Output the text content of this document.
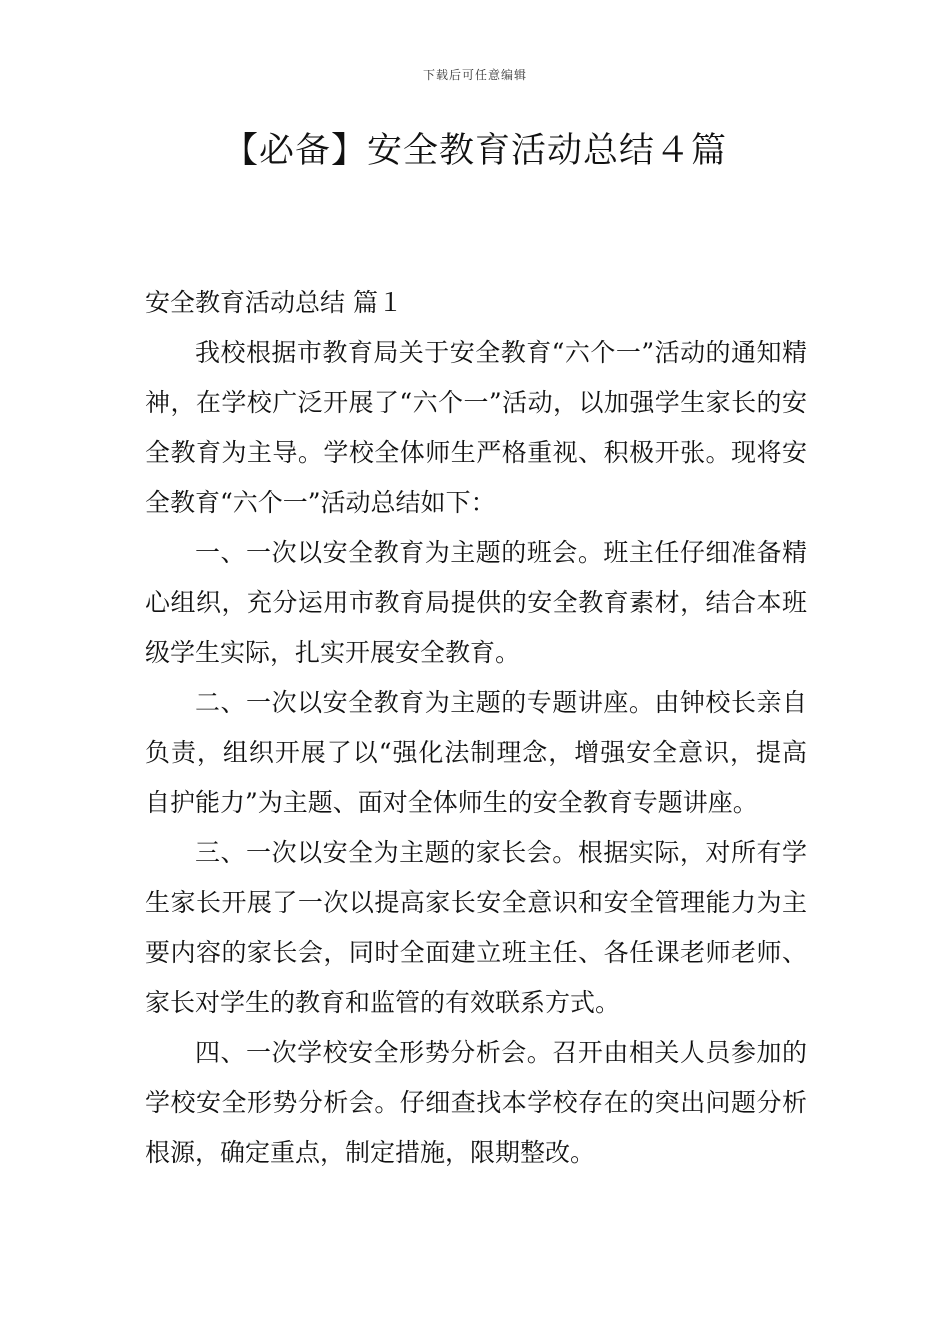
下载后可任意编辑
【必备】安全教育活动总结４篇
安全教育活动总结 篇１

我校根据市教育局关于安全教育“六个一”活动的通知精神，在学校广泛开展了“六个一”活动，以加强学生家长的安全教育为主导。学校全体师生严格重视、积极开张。现将安全教育“六个一”活动总结如下：

一、一次以安全教育为主题的班会。班主任仔细准备精心组织，充分运用市教育局提供的安全教育素材，结合本班级学生实际，扎实开展安全教育。

二、一次以安全教育为主题的专题讲座。由钟校长亲自负责，组织开展了以“强化法制理念，增强安全意识，提高自护能力”为主题、面对全体师生的安全教育专题讲座。

三、一次以安全为主题的家长会。根据实际，对所有学生家长开展了一次以提高家长安全意识和安全管理能力为主要内容的家长会，同时全面建立班主任、各任课老师老师、家长对学生的教育和监管的有效联系方式。

四、一次学校安全形势分析会。召开由相关人员参加的学校安全形势分析会。仔细查找本学校存在的突出问题分析根源，确定重点，制定措施，限期整改。
